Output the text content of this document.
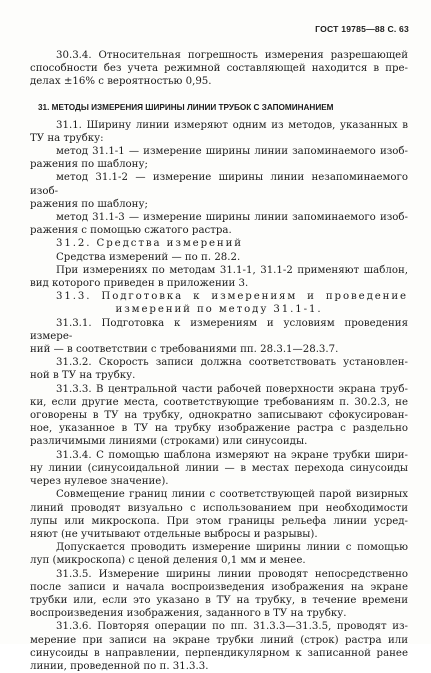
ГОСТ 19785—88 С. 63

30.3.4. Относительная погрешность измерения разрешающей

способности без учета режимной составляющей находится в пре-

делах ±16% с вероятностью 0,95.

31. МЕТОДЫ ИЗМЕРЕНИЯ ШИРИНЫ ЛИНИИ ТРУБОК С ЗАПОМИНАНИЕМ

31.1. Ширину линии измеряют одним из методов, указанных в

ТУ на трубку:

метод 31.1-1 — измерение ширины линии запоминаемого изоб-

ражения по шаблону;

метод 31.1-2 — измерение ширины линии незапоминаемого изоб-

ражения по шаблону;

метод 31.1-3 — измерение ширины линии запоминаемого изоб-

ражения с помощью сжатого растра.

31.2. Средства измерений

Средства измерений — по п. 28.2.

При измерениях по методам 31.1-1, 31.1-2 применяют шаблон,

вид которого приведен в приложении 3.

31.3. Подготовка к измерениям и проведение

измерений по методу 31.1-1.

31.3.1. Подготовка к измерениям и условиям проведения измере-

ний — в соответствии с требованиями пп. 28.3.1—28.3.7.

31.3.2. Скорость записи должна соответствовать установлен-

ной в ТУ на трубку.

31.3.3. В центральной части рабочей поверхности экрана труб-

ки, если другие места, соответствующие требованиям п. 30.2.3, не

оговорены в ТУ на трубку, однократно записывают сфокусирован-

ное, указанное в ТУ на трубку изображение растра с раздельно

различимыми линиями (строками) или синусоиды.

31.3.4. С помощью шаблона измеряют на экране трубки шири-

ну линии (синусоидальной линии — в местах перехода синусоиды

через нулевое значение).

Совмещение границ линии с соответствующей парой визирных

линий проводят визуально с использованием при необходимости

лупы или микроскопа. При этом границы рельефа линии усред-

няют (не учитывают отдельные выбросы и разрывы).

Допускается проводить измерение ширины линии с помощью

луп (микроскопа) с ценой деления 0,1 мм и менее.

31.3.5. Измерение ширины линии проводят непосредственно

после записи и начала воспроизведения изображения на экране

трубки или, если это указано в ТУ на трубку, в течение времени

воспроизведения изображения, заданного в ТУ на трубку.

31.3.6. Повторяя операции по пп. 31.3.3—31.3.5, проводят из-

мерение при записи на экране трубки линий (строк) растра или

синусоиды в направлении, перпендикулярном к записанной ранее

линии, проведенной по п. 31.3.3.
